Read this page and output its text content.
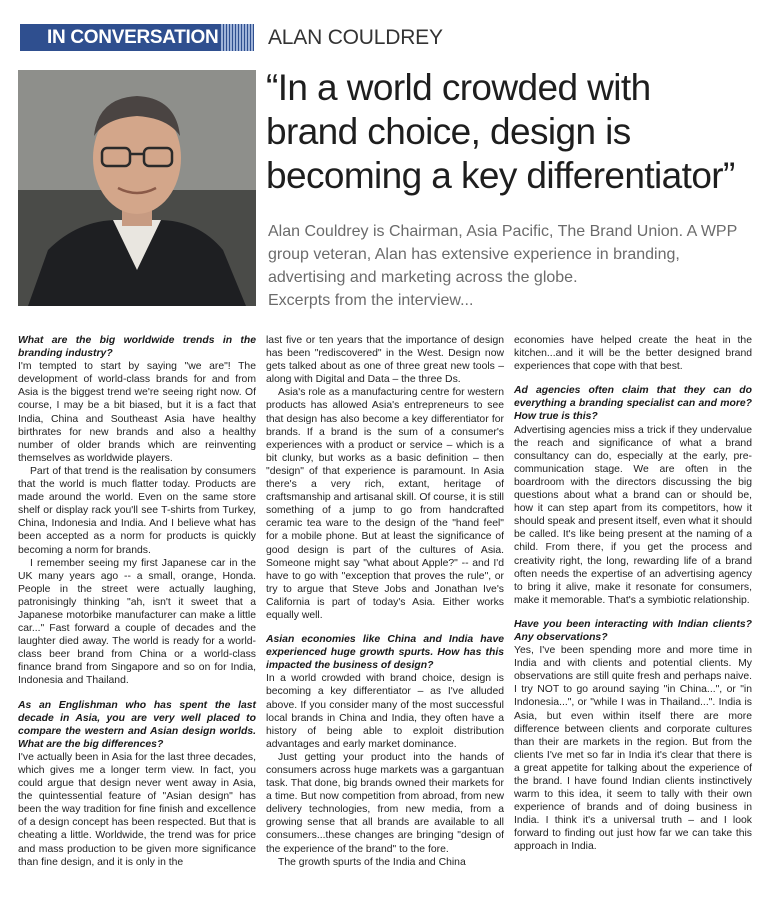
IN CONVERSATION ALAN COULDREY
“In a world crowded with brand choice, design is becoming a key differentiator”
Alan Couldrey is Chairman, Asia Pacific, The Brand Union. A WPP group veteran, Alan has extensive experience in branding, advertising and marketing across the globe.
Excerpts from the interview...

What are the big worldwide trends in the branding industry?

I'm tempted to start by saying "we are"! The development of world-class brands for and from Asia is the biggest trend we're seeing right now. Of course, I may be a bit biased, but it is a fact that India, China and Southeast Asia have healthy birthrates for new brands and also a healthy number of older brands which are reinventing themselves as worldwide players.

Part of that trend is the realisation by consumers that the world is much flatter today. Products are made around the world. Even on the same store shelf or display rack you'll see T-shirts from Turkey, China, Indonesia and India. And I believe what has been accepted as a norm for products is quickly becoming a norm for brands.

I remember seeing my first Japanese car in the UK many years ago -- a small, orange, Honda. People in the street were actually laughing, patronisingly thinking "ah, isn't it sweet that a Japanese motorbike manufacturer can make a little car..." Fast forward a couple of decades and the laughter died away. The world is ready for a world-class beer brand from China or a world-class finance brand from Singapore and so on for India, Indonesia and Thailand.

As an Englishman who has spent the last decade in Asia, you are very well placed to compare the western and Asian design worlds. What are the big differences?

I've actually been in Asia for the last three decades, which gives me a longer term view. In fact, you could argue that design never went away in Asia, the quintessential feature of "Asian design" has been the way tradition for fine finish and excellence of a design concept has been respected. But that is cheating a little. Worldwide, the trend was for price and mass production to be given more significance than fine design, and it is only in the

last five or ten years that the importance of design has been "rediscovered" in the West. Design now gets talked about as one of three great new tools – along with Digital and Data – the three Ds.

Asia's role as a manufacturing centre for western products has allowed Asia's entrepreneurs to see that design has also become a key differentiator for brands. If a brand is the sum of a consumer's experiences with a product or service – which is a bit clunky, but works as a basic definition – then "design" of that experience is paramount. In Asia there's a very rich, extant, heritage of craftsmanship and artisanal skill. Of course, it is still something of a jump to go from handcrafted ceramic tea ware to the design of the "hand feel" for a mobile phone. But at least the significance of good design is part of the cultures of Asia. Someone might say "what about Apple?" -- and I'd have to go with "exception that proves the rule", or try to argue that Steve Jobs and Jonathan Ive's California is part of today's Asia. Either works equally well.

Asian economies like China and India have experienced huge growth spurts. How has this impacted the business of design?

In a world crowded with brand choice, design is becoming a key differentiator – as I've alluded above. If you consider many of the most successful local brands in China and India, they often have a history of being able to exploit distribution advantages and early market dominance.

Just getting your product into the hands of consumers across huge markets was a gargantuan task. That done, big brands owned their markets for a time. But now competition from abroad, from new delivery technologies, from new media, from a growing sense that all brands are available to all consumers...these changes are bringing "design of the experience of the brand" to the fore.

The growth spurts of the India and China

economies have helped create the heat in the kitchen...and it will be the better designed brand experiences that cope with that best.

Ad agencies often claim that they can do everything a branding specialist can and more? How true is this?

Advertising agencies miss a trick if they undervalue the reach and significance of what a brand consultancy can do, especially at the early, pre-communication stage. We are often in the boardroom with the directors discussing the big questions about what a brand can or should be, how it can step apart from its competitors, how it should speak and present itself, even what it should be called. It's like being present at the naming of a child. From there, if you get the process and creativity right, the long, rewarding life of a brand often needs the expertise of an advertising agency to bring it alive, make it resonate for consumers, make it memorable. That's a symbiotic relationship.

Have you been interacting with Indian clients? Any observations?

Yes, I've been spending more and more time in India and with clients and potential clients. My observations are still quite fresh and perhaps naive. I try NOT to go around saying "in China...", or "in Indonesia...", or "while I was in Thailand...". India is Asia, but even within itself there are more difference between clients and corporate cultures than their are markets in the region. But from the clients I've met so far in India it's clear that there is a great appetite for talking about the experience of the brand. I have found Indian clients instinctively warm to this idea, it seem to tally with their own experience of brands and of doing business in India. I think it's a universal truth – and I look forward to finding out just how far we can take this approach in India.
